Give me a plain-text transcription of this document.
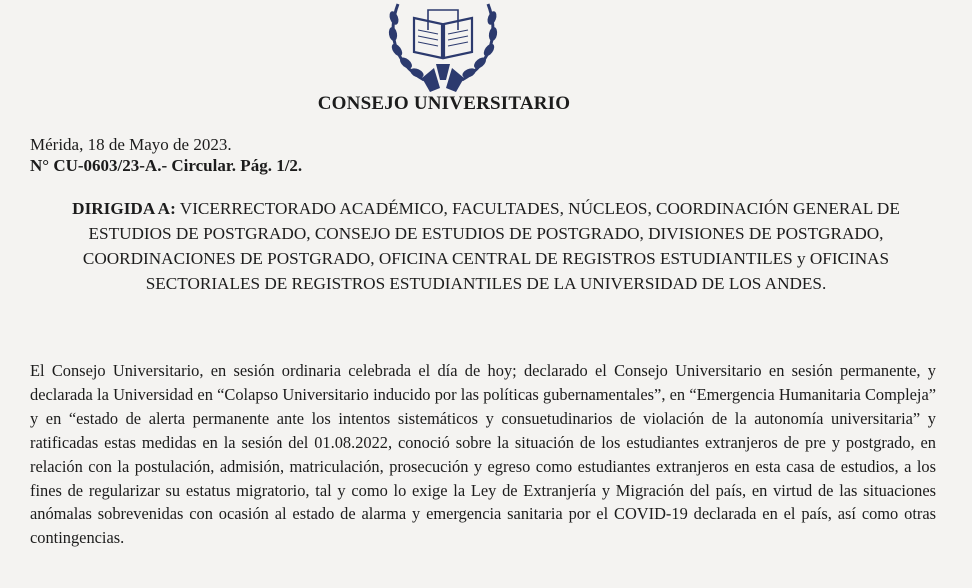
CONSEJO UNIVERSITARIO
Mérida, 18 de Mayo de 2023.
N° CU-0603/23-A.- Circular. Pág. 1/2.
DIRIGIDA A: VICERRECTORADO ACADÉMICO, FACULTADES, NÚCLEOS, COORDINACIÓN GENERAL DE ESTUDIOS DE POSTGRADO, CONSEJO DE ESTUDIOS DE POSTGRADO, DIVISIONES DE POSTGRADO, COORDINACIONES DE POSTGRADO, OFICINA CENTRAL DE REGISTROS ESTUDIANTILES y OFICINAS SECTORIALES DE REGISTROS ESTUDIANTILES DE LA UNIVERSIDAD DE LOS ANDES.
El Consejo Universitario, en sesión ordinaria celebrada el día de hoy; declarado el Consejo Universitario en sesión permanente, y declarada la Universidad en “Colapso Universitario inducido por las políticas gubernamentales”, en “Emergencia Humanitaria Compleja” y en “estado de alerta permanente ante los intentos sistemáticos y consuetudinarios de violación de la autonomía universitaria” y ratificadas estas medidas en la sesión del 01.08.2022, conoció sobre la situación de los estudiantes extranjeros de pre y postgrado, en relación con la postulación, admisión, matriculación, prosecución y egreso como estudiantes extranjeros en esta casa de estudios, a los fines de regularizar su estatus migratorio, tal y como lo exige la Ley de Extranjería y Migración del país, en virtud de las situaciones anómalas sobrevenidas con ocasión al estado de alarma y emergencia sanitaria por el COVID-19 declarada en el país, así como otras contingencias.
